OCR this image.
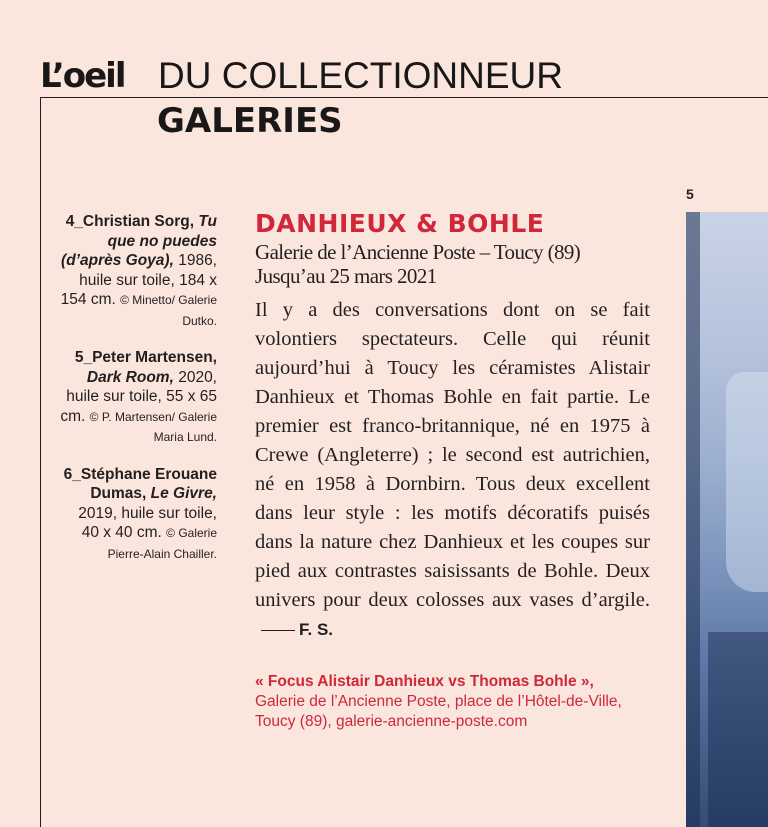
L’oeil DU COLLECTIONNEUR
GALERIES
4_Christian Sorg, Tu que no puedes (d’après Goya), 1986, huile sur toile, 184 x 154 cm. © Minetto/ Galerie Dutko.
5_Peter Martensen, Dark Room, 2020, huile sur toile, 55 x 65 cm. © P. Martensen/ Galerie Maria Lund.
6_Stéphane Erouane Dumas, Le Givre, 2019, huile sur toile, 40 x 40 cm. © Galerie Pierre-Alain Chailler.
DANHIEUX & BOHLE
Galerie de l’Ancienne Poste – Toucy (89)
Jusqu’au 25 mars 2021
Il y a des conversations dont on se fait volontiers spectateurs. Celle qui réunit aujourd’hui à Toucy les céramistes Alistair Danhieux et Thomas Bohle en fait partie. Le premier est franco-britannique, né en 1975 à Crewe (Angleterre) ; le second est autrichien, né en 1958 à Dornbirn. Tous deux excellent dans leur style : les motifs décoratifs puisés dans la nature chez Danhieux et les coupes sur pied aux contrastes saisissants de Bohle. Deux univers pour deux colosses aux vases d’argile.F. S.
« Focus Alistair Danhieux vs Thomas Bohle »,
Galerie de l’Ancienne Poste, place de l’Hôtel-de-Ville, Toucy (89), galerie-ancienne-poste.com
5
